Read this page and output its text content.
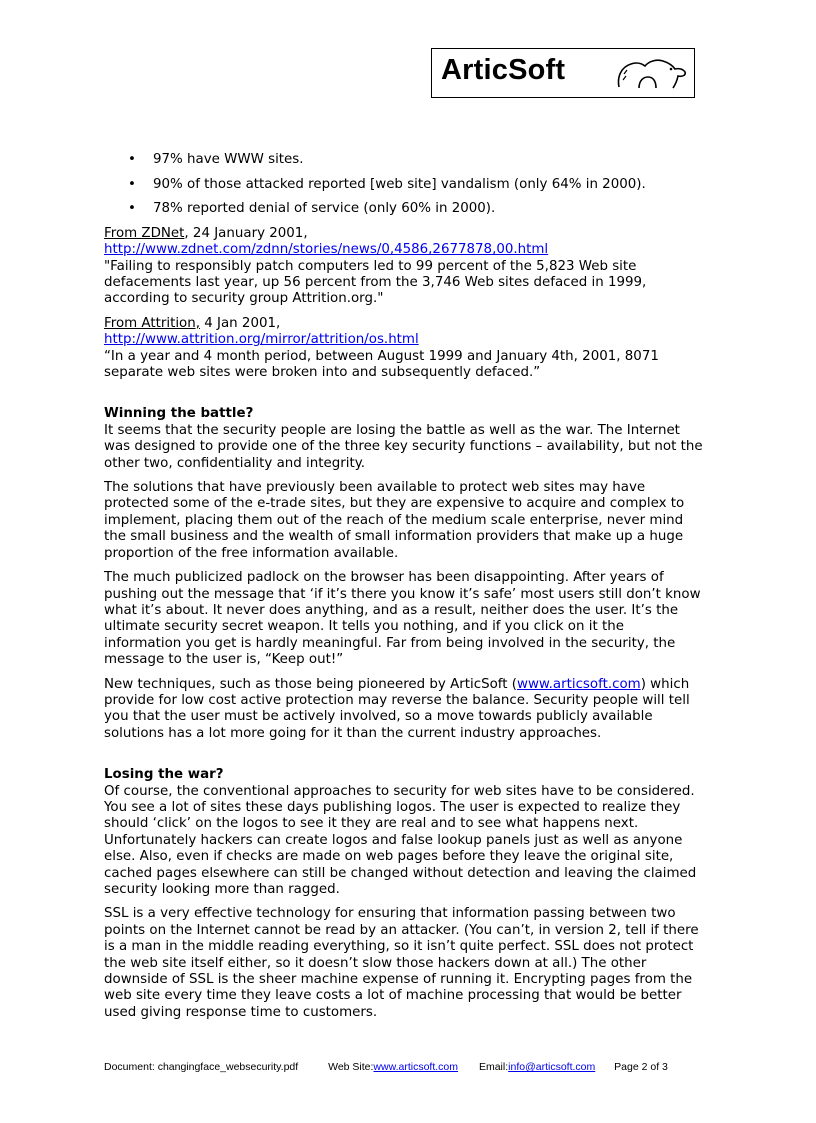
ArticSoft
• 97% have WWW sites.
• 90% of those attacked reported [web site] vandalism (only 64% in 2000).
• 78% reported denial of service (only 60% in 2000).

From ZDNet, 24 January 2001,

http://www.zdnet.com/zdnn/stories/news/0,4586,2677878,00.html

"Failing to responsibly patch computers led to 99 percent of the 5,823 Web site defacements last year, up 56 percent from the 3,746 Web sites defaced in 1999, according to security group Attrition.org."

From Attrition, 4 Jan 2001,

http://www.attrition.org/mirror/attrition/os.html

“In a year and 4 month period, between August 1999 and January 4th, 2001, 8071 separate web sites were broken into and subsequently defaced.”

Winning the battle?

It seems that the security people are losing the battle as well as the war. The Internet was designed to provide one of the three key security functions – availability, but not the other two, confidentiality and integrity.

The solutions that have previously been available to protect web sites may have protected some of the e-trade sites, but they are expensive to acquire and complex to implement, placing them out of the reach of the medium scale enterprise, never mind the small business and the wealth of small information providers that make up a huge proportion of the free information available.

The much publicized padlock on the browser has been disappointing. After years of pushing out the message that ‘if it’s there you know it’s safe’ most users still don’t know what it’s about. It never does anything, and as a result, neither does the user. It’s the ultimate security secret weapon. It tells you nothing, and if you click on it the information you get is hardly meaningful. Far from being involved in the security, the message to the user is, “Keep out!”

New techniques, such as those being pioneered by ArticSoft (www.articsoft.com) which provide for low cost active protection may reverse the balance. Security people will tell you that the user must be actively involved, so a move towards publicly available solutions has a lot more going for it than the current industry approaches.

Losing the war?

Of course, the conventional approaches to security for web sites have to be considered. You see a lot of sites these days publishing logos. The user is expected to realize they should ‘click’ on the logos to see it they are real and to see what happens next. Unfortunately hackers can create logos and false lookup panels just as well as anyone else. Also, even if checks are made on web pages before they leave the original site, cached pages elsewhere can still be changed without detection and leaving the claimed security looking more than ragged.

SSL is a very effective technology for ensuring that information passing between two points on the Internet cannot be read by an attacker. (You can’t, in version 2, tell if there is a man in the middle reading everything, so it isn’t quite perfect. SSL does not protect the web site itself either, so it doesn’t slow those hackers down at all.) The other downside of SSL is the sheer machine expense of running it. Encrypting pages from the web site every time they leave costs a lot of machine processing that would be better used giving response time to customers.

Document: changingface_websecurity.pdf	Web Site:www.articsoft.com Email:info@articsoft.com Page 2 of 3
